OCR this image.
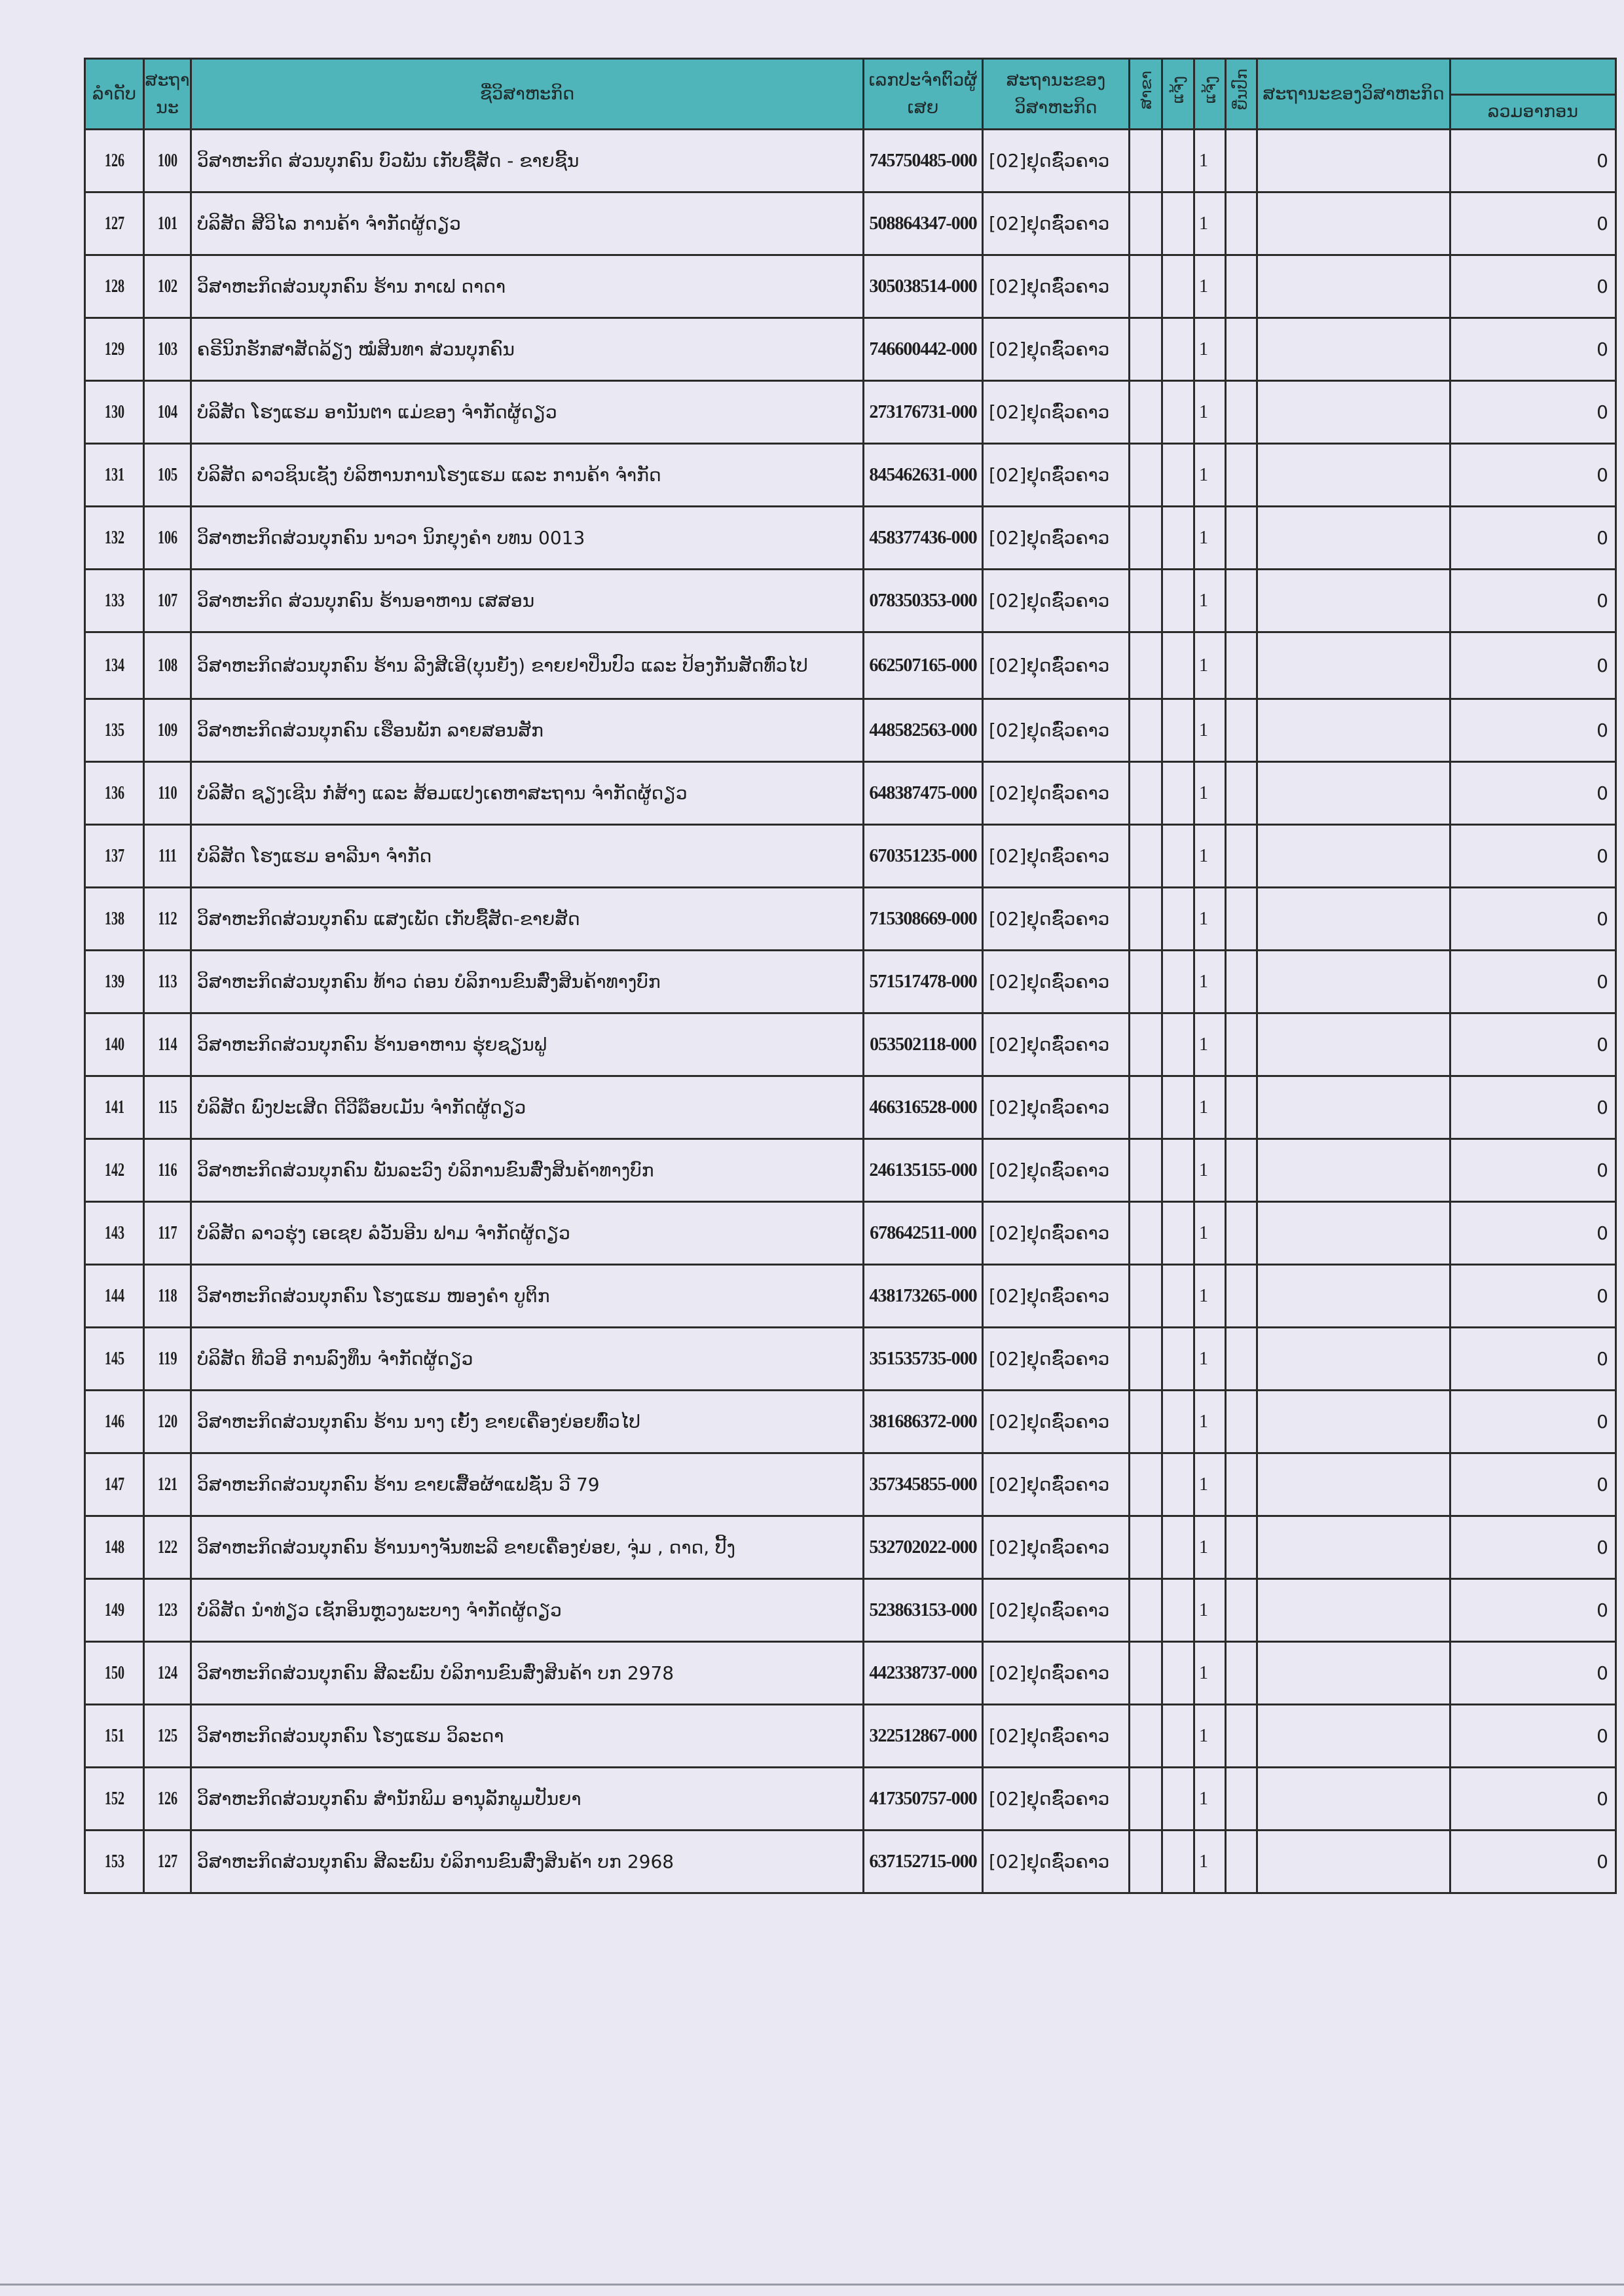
ລຳດັບ	ສະຖານະ	ຊື່ວິສາຫະກິດ	ເລກປະຈຳຕົວຜູ້ເສຍ	ສະຖານະຂອງວິສາຫະກິດ	ສາຂາ	ແຈ້ງ	ແຈ້ງ	ຍື່ນປົກ	ສະຖານະຂອງວິສາຫະກິດ	
										ລວມອາກອນ
126	100	ວິສາຫະກິດ ສ່ວນບຸກຄົນ ບົວພັນ ເກັບຊື້ສັດ - ຂາຍຊີ້ນ	745750485-000	[02]ຢຸດຊົ່ວຄາວ			1			0
127	101	ບໍລິສັດ ສີວິໄລ ການຄ້າ ຈຳກັດຜູ້ດຽວ	508864347-000	[02]ຢຸດຊົ່ວຄາວ			1			0
128	102	ວິສາຫະກິດສ່ວນບຸກຄົນ ຮ້ານ ກາເຟ ດາດາ	305038514-000	[02]ຢຸດຊົ່ວຄາວ			1			0
129	103	ຄຣີນິກຮັກສາສັດລ້ຽງ ໝໍສິນທາ ສ່ວນບຸກຄົນ	746600442-000	[02]ຢຸດຊົ່ວຄາວ			1			0
130	104	ບໍລິສັດ ໂຮງແຮມ ອານັນຕາ ແມ່ຂອງ ຈຳກັດຜູ້ດຽວ	273176731-000	[02]ຢຸດຊົ່ວຄາວ			1			0
131	105	ບໍລິສັດ ລາວຊິນເຊັງ ບໍລິຫານການໂຮງແຮມ ແລະ ການຄ້າ ຈຳກັດ	845462631-000	[02]ຢຸດຊົ່ວຄາວ			1			0
132	106	ວິສາຫະກິດສ່ວນບຸກຄົນ ນາວາ ນິກຍຸງຄຳ ບທນ 0013	458377436-000	[02]ຢຸດຊົ່ວຄາວ			1			0
133	107	ວິສາຫະກິດ ສ່ວນບຸກຄົນ ຮ້ານອາຫານ ເສສອນ	078350353-000	[02]ຢຸດຊົ່ວຄາວ			1			0
134	108	ວິສາຫະກິດສ່ວນບຸກຄົນ ຮ້ານ ລີງສີເອີ(ບຸນຍັງ) ຂາຍຢາປິ່ນປົວ ແລະ ປ້ອງກັນສັດທົ່ວໄປ	662507165-000	[02]ຢຸດຊົ່ວຄາວ			1			0
135	109	ວິສາຫະກິດສ່ວນບຸກຄົນ ເຮືອນພັກ ລາຍສອນສັກ	448582563-000	[02]ຢຸດຊົ່ວຄາວ			1			0
136	110	ບໍລິສັດ ຊຽງເຊີນ ກໍ່ສ້າງ ແລະ ສ້ອມແປງເຄຫາສະຖານ ຈຳກັດຜູ້ດຽວ	648387475-000	[02]ຢຸດຊົ່ວຄາວ			1			0
137	111	ບໍລິສັດ ໂຮງແຮມ ອາລີນາ ຈຳກັດ	670351235-000	[02]ຢຸດຊົ່ວຄາວ			1			0
138	112	ວິສາຫະກິດສ່ວນບຸກຄົນ ແສງເພັດ ເກັບຊື້ສັດ-ຂາຍສັດ	715308669-000	[02]ຢຸດຊົ່ວຄາວ			1			0
139	113	ວິສາຫະກິດສ່ວນບຸກຄົນ ທ້າວ ດ່ອນ ບໍລິການຂົນສົ່ງສິນຄ້າທາງບົກ	571517478-000	[02]ຢຸດຊົ່ວຄາວ			1			0
140	114	ວິສາຫະກິດສ່ວນບຸກຄົນ ຮ້ານອາຫານ ຮຸ່ຍຊຽນຟູ	053502118-000	[02]ຢຸດຊົ່ວຄາວ			1			0
141	115	ບໍລິສັດ ພົງປະເສີດ ດີວີລ໊ອບເມັນ ຈຳກັດຜູ້ດຽວ	466316528-000	[02]ຢຸດຊົ່ວຄາວ			1			0
142	116	ວິສາຫະກິດສ່ວນບຸກຄົນ ພັນລະວົງ ບໍລິການຂົນສົ່ງສິນຄ້າທາງບົກ	246135155-000	[02]ຢຸດຊົ່ວຄາວ			1			0
143	117	ບໍລິສັດ ລາວຮຸ່ງ ເອເຊຍ ລໍວັນອີນ ຟາມ ຈຳກັດຜູ້ດຽວ	678642511-000	[02]ຢຸດຊົ່ວຄາວ			1			0
144	118	ວິສາຫະກິດສ່ວນບຸກຄົນ ໂຮງແຮມ ໜອງຄຳ ບູຕິກ	438173265-000	[02]ຢຸດຊົ່ວຄາວ			1			0
145	119	ບໍລິສັດ ທີວອີ ການລົງທຶນ ຈຳກັດຜູ້ດຽວ	351535735-000	[02]ຢຸດຊົ່ວຄາວ			1			0
146	120	ວິສາຫະກິດສ່ວນບຸກຄົນ ຮ້ານ ນາງ ເຍັ້ງ ຂາຍເຄື່ອງຍ່ອຍທົ່ວໄປ	381686372-000	[02]ຢຸດຊົ່ວຄາວ			1			0
147	121	ວິສາຫະກິດສ່ວນບຸກຄົນ ຮ້ານ ຂາຍເສື້ອຜ້າແຟຊັ່ນ ວີ 79	357345855-000	[02]ຢຸດຊົ່ວຄາວ			1			0
148	122	ວິສາຫະກິດສ່ວນບຸກຄົນ ຮ້ານນາງຈັນທະລີ ຂາຍເຄື່ອງຍ່ອຍ, ຈຸ່ມ , ດາດ, ປີ້ງ	532702022-000	[02]ຢຸດຊົ່ວຄາວ			1			0
149	123	ບໍລິສັດ ນຳທ່ຽວ ເຊັກອິນຫຼວງພະບາງ ຈຳກັດຜູ້ດຽວ	523863153-000	[02]ຢຸດຊົ່ວຄາວ			1			0
150	124	ວິສາຫະກິດສ່ວນບຸກຄົນ ສີລະພົນ ບໍລິການຂົນສົ່ງສິນຄ້າ ບກ 2978	442338737-000	[02]ຢຸດຊົ່ວຄາວ			1			0
151	125	ວິສາຫະກິດສ່ວນບຸກຄົນ ໂຮງແຮມ ວິລະດາ	322512867-000	[02]ຢຸດຊົ່ວຄາວ			1			0
152	126	ວິສາຫະກິດສ່ວນບຸກຄົນ ສຳນັກພິມ ອານຸລັກພູມປັນຍາ	417350757-000	[02]ຢຸດຊົ່ວຄາວ			1			0
153	127	ວິສາຫະກິດສ່ວນບຸກຄົນ ສີລະພົນ ບໍລິການຂົນສົ່ງສິນຄ້າ ບກ 2968	637152715-000	[02]ຢຸດຊົ່ວຄາວ			1			0
